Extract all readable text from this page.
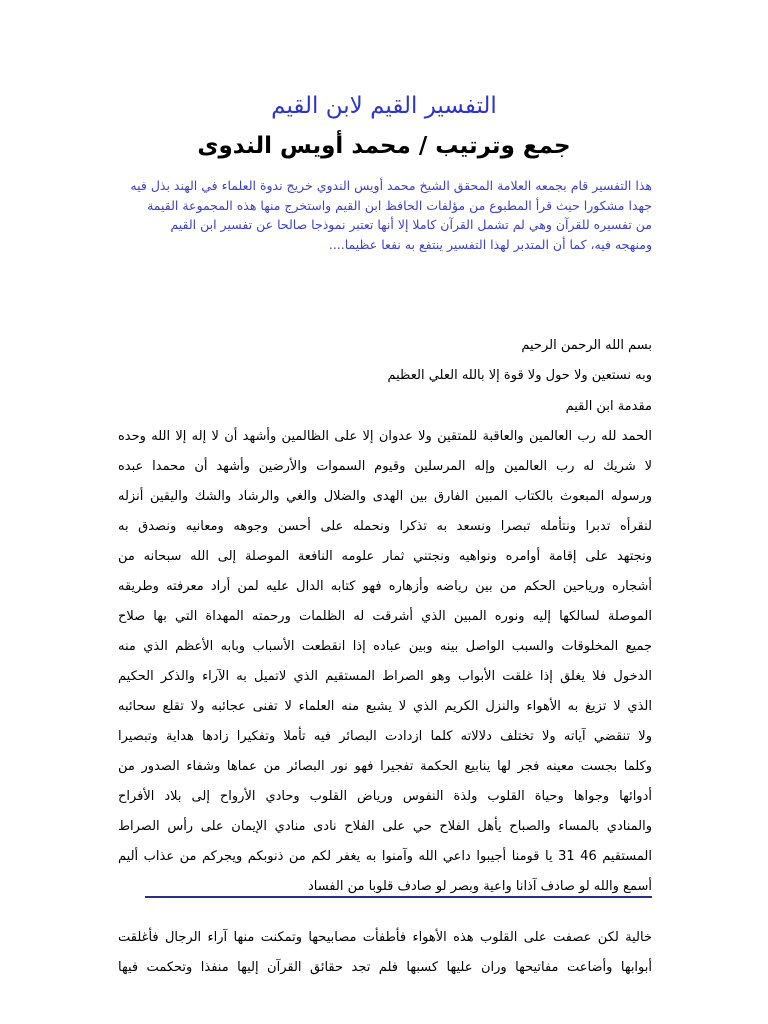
التفسير القيم لابن القيم
جمع وترتيب / محمد أويس الندوى
هذا التفسير قام بجمعه العلامة المحقق الشيخ محمد أويس الندوي خريج ندوة العلماء في الهند بذل فيه
جهدا مشكورا حيث قرأ المطبوع من مؤلفات الحافظ ابن القيم واستخرج منها هذه المجموعة القيمة
من تفسيره للقرآن وهي لم تشمل القرآن كاملا إلا أنها تعتبر نموذجا صالحا عن تفسير ابن القيم
ومنهجه فيه، كما أن المتدبر لهذا التفسير ينتفع به نفعا عظيما....
بسم الله الرحمن الرحيم
وبه نستعين ولا حول ولا قوة إلا بالله العلي العظيم
مقدمة ابن القيم
الحمد لله رب العالمين والعاقبة للمتقين ولا عدوان إلا على الظالمين وأشهد أن لا إله إلا الله وحده
لا شريك له رب العالمين وإله المرسلين وقيوم السموات والأرضين وأشهد أن محمدا عبده
ورسوله المبعوث بالكتاب المبين الفارق بين الهدى والضلال والغي والرشاد والشك واليقين أنزله
لنقرأه تدبرا ونتأمله تبصرا ونسعد به تذكرا ونحمله على أحسن وجوهه ومعانيه ونصدق به
ونجتهد على إقامة أوامره ونواهيه ونجتني ثمار علومه النافعة الموصلة إلى الله سبحانه من
أشجاره ورياحين الحكم من بين رياضه وأزهاره فهو كتابه الدال عليه لمن أراد معرفته وطريقه
الموصلة لسالكها إليه ونوره المبين الذي أشرقت له الظلمات ورحمته المهداة التي بها صلاح
جميع المخلوقات والسبب الواصل بينه وبين عباده إذا انقطعت الأسباب وبابه الأعظم الذي منه
الدخول فلا يغلق إذا غلقت الأبواب وهو الصراط المستقيم الذي لاتميل به الآراء والذكر الحكيم
الذي لا تزيغ به الأهواء والنزل الكريم الذي لا يشبع منه العلماء لا تفنى عجائبه ولا تقلع سحائبه
ولا تنقضي آياته ولا تختلف دلالاته كلما ازدادت البصائر فيه تأملا وتفكيرا زادها هداية وتبصيرا
وكلما بجست معينه فجر لها ينابيع الحكمة تفجيرا فهو نور البصائر من عماها وشفاء الصدور من
أدوائها وجواها وحياة القلوب ولذة النفوس ورياض القلوب وحادي الأرواح إلى بلاد الأفراح
والمنادي بالمساء والصباح يأهل الفلاح حي على الفلاح نادى منادي الإيمان على رأس الصراط
المستقيم 46 31 يا قومنا أجيبوا داعي الله وآمنوا به يغفر لكم من ذنوبكم ويجركم من عذاب أليم
أسمع والله لو صادف آذانا واعية وبصر لو صادف قلوبا من الفساد
خالية لكن عصفت على القلوب هذه الأهواء فأطفأت مصابيحها وتمكنت منها آراء الرجال فأغلقت
أبوابها وأضاعت مفاتيحها وران عليها كسبها فلم تجد حقائق القرآن إليها منفذا وتحكمت فيها
